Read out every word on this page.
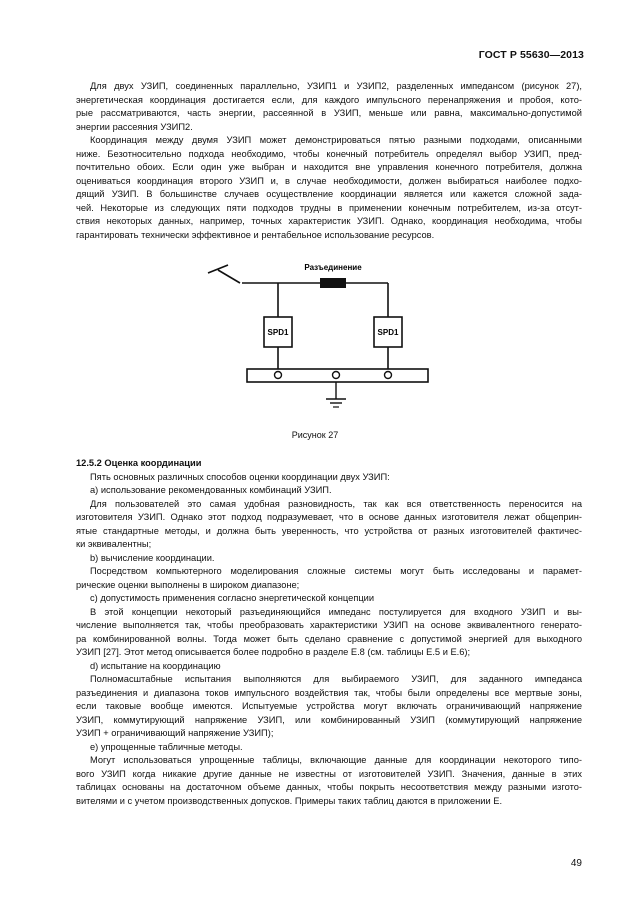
ГОСТ Р 55630—2013
Для двух УЗИП, соединенных параллельно, УЗИП1 и УЗИП2, разделенных импедансом (рисунок 27),
энергетическая координация достигается если, для каждого импульсного перенапряжения и пробоя, кото-
рые рассматриваются, часть энергии, рассеянной в УЗИП, меньше или равна, максимально-допустимой
энергии рассеяния УЗИП2.
Координация между двумя УЗИП может демонстрироваться пятью разными подходами, описанными
ниже. Безотносительно подхода необходимо, чтобы конечный потребитель определял выбор УЗИП, пред-
почтительно обоих. Если один уже выбран и находится вне управления конечного потребителя, должна
оцениваться координация второго УЗИП и, в случае необходимости, должен выбираться наиболее подхо-
дящий УЗИП. В большинстве случаев осуществление координации является или кажется сложной зада-
чей. Некоторые из следующих пяти подходов трудны в применении конечным потребителем, из-за отсут-
ствия некоторых данных, например, точных характеристик УЗИП. Однако, координация необходима, чтобы
гарантировать технически эффективное и рентабельное использование ресурсов.
Разъединение
SPD1	SPD1
Рисунок 27

12.5.2 Оценка координации

Пять основных различных способов оценки координации двух УЗИП:
а) использование рекомендованных комбинаций УЗИП.
Для пользователей это самая удобная разновидность, так как вся ответственность переносится на
изготовителя УЗИП. Однако этот подход подразумевает, что в основе данных изготовителя лежат общеприн-
ятые стандартные методы, и должна быть уверенность, что устройства от разных изготовителей фактичес-
ки эквивалентны;
b) вычисление координации.
Посредством компьютерного моделирования сложные системы могут быть исследованы и парамет-
рические оценки выполнены в широком диапазоне;
с) допустимость применения согласно энергетической концепции
В этой концепции некоторый разъединяющийся импеданс постулируется для входного УЗИП и вы-
числение выполняется так, чтобы преобразовать характеристики УЗИП на основе эквивалентного генерато-
ра комбинированной волны. Тогда может быть сделано сравнение с допустимой энергией для выходного
УЗИП [27]. Этот метод описывается более подробно в разделе Е.8 (см. таблицы Е.5 и Е.6);
d) испытание на координацию
Полномасштабные испытания выполняются для выбираемого УЗИП, для заданного импеданса
разъединения и диапазона токов импульсного воздействия так, чтобы были определены все мертвые зоны,
если таковые вообще имеются. Испытуемые устройства могут включать ограничивающий напряжение
УЗИП, коммутирующий напряжение УЗИП, или комбинированный УЗИП (коммутирующий напряжение
УЗИП + ограничивающий напряжение УЗИП);
е) упрощенные табличные методы.
Могут использоваться упрощенные таблицы, включающие данные для координации некоторого типо-
вого УЗИП когда никакие другие данные не известны от изготовителей УЗИП. Значения, данные в этих
таблицах основаны на достаточном объеме данных, чтобы покрыть несоответствия между разными изгото-
вителями и с учетом производственных допусков. Примеры таких таблиц даются в приложении Е.
49
